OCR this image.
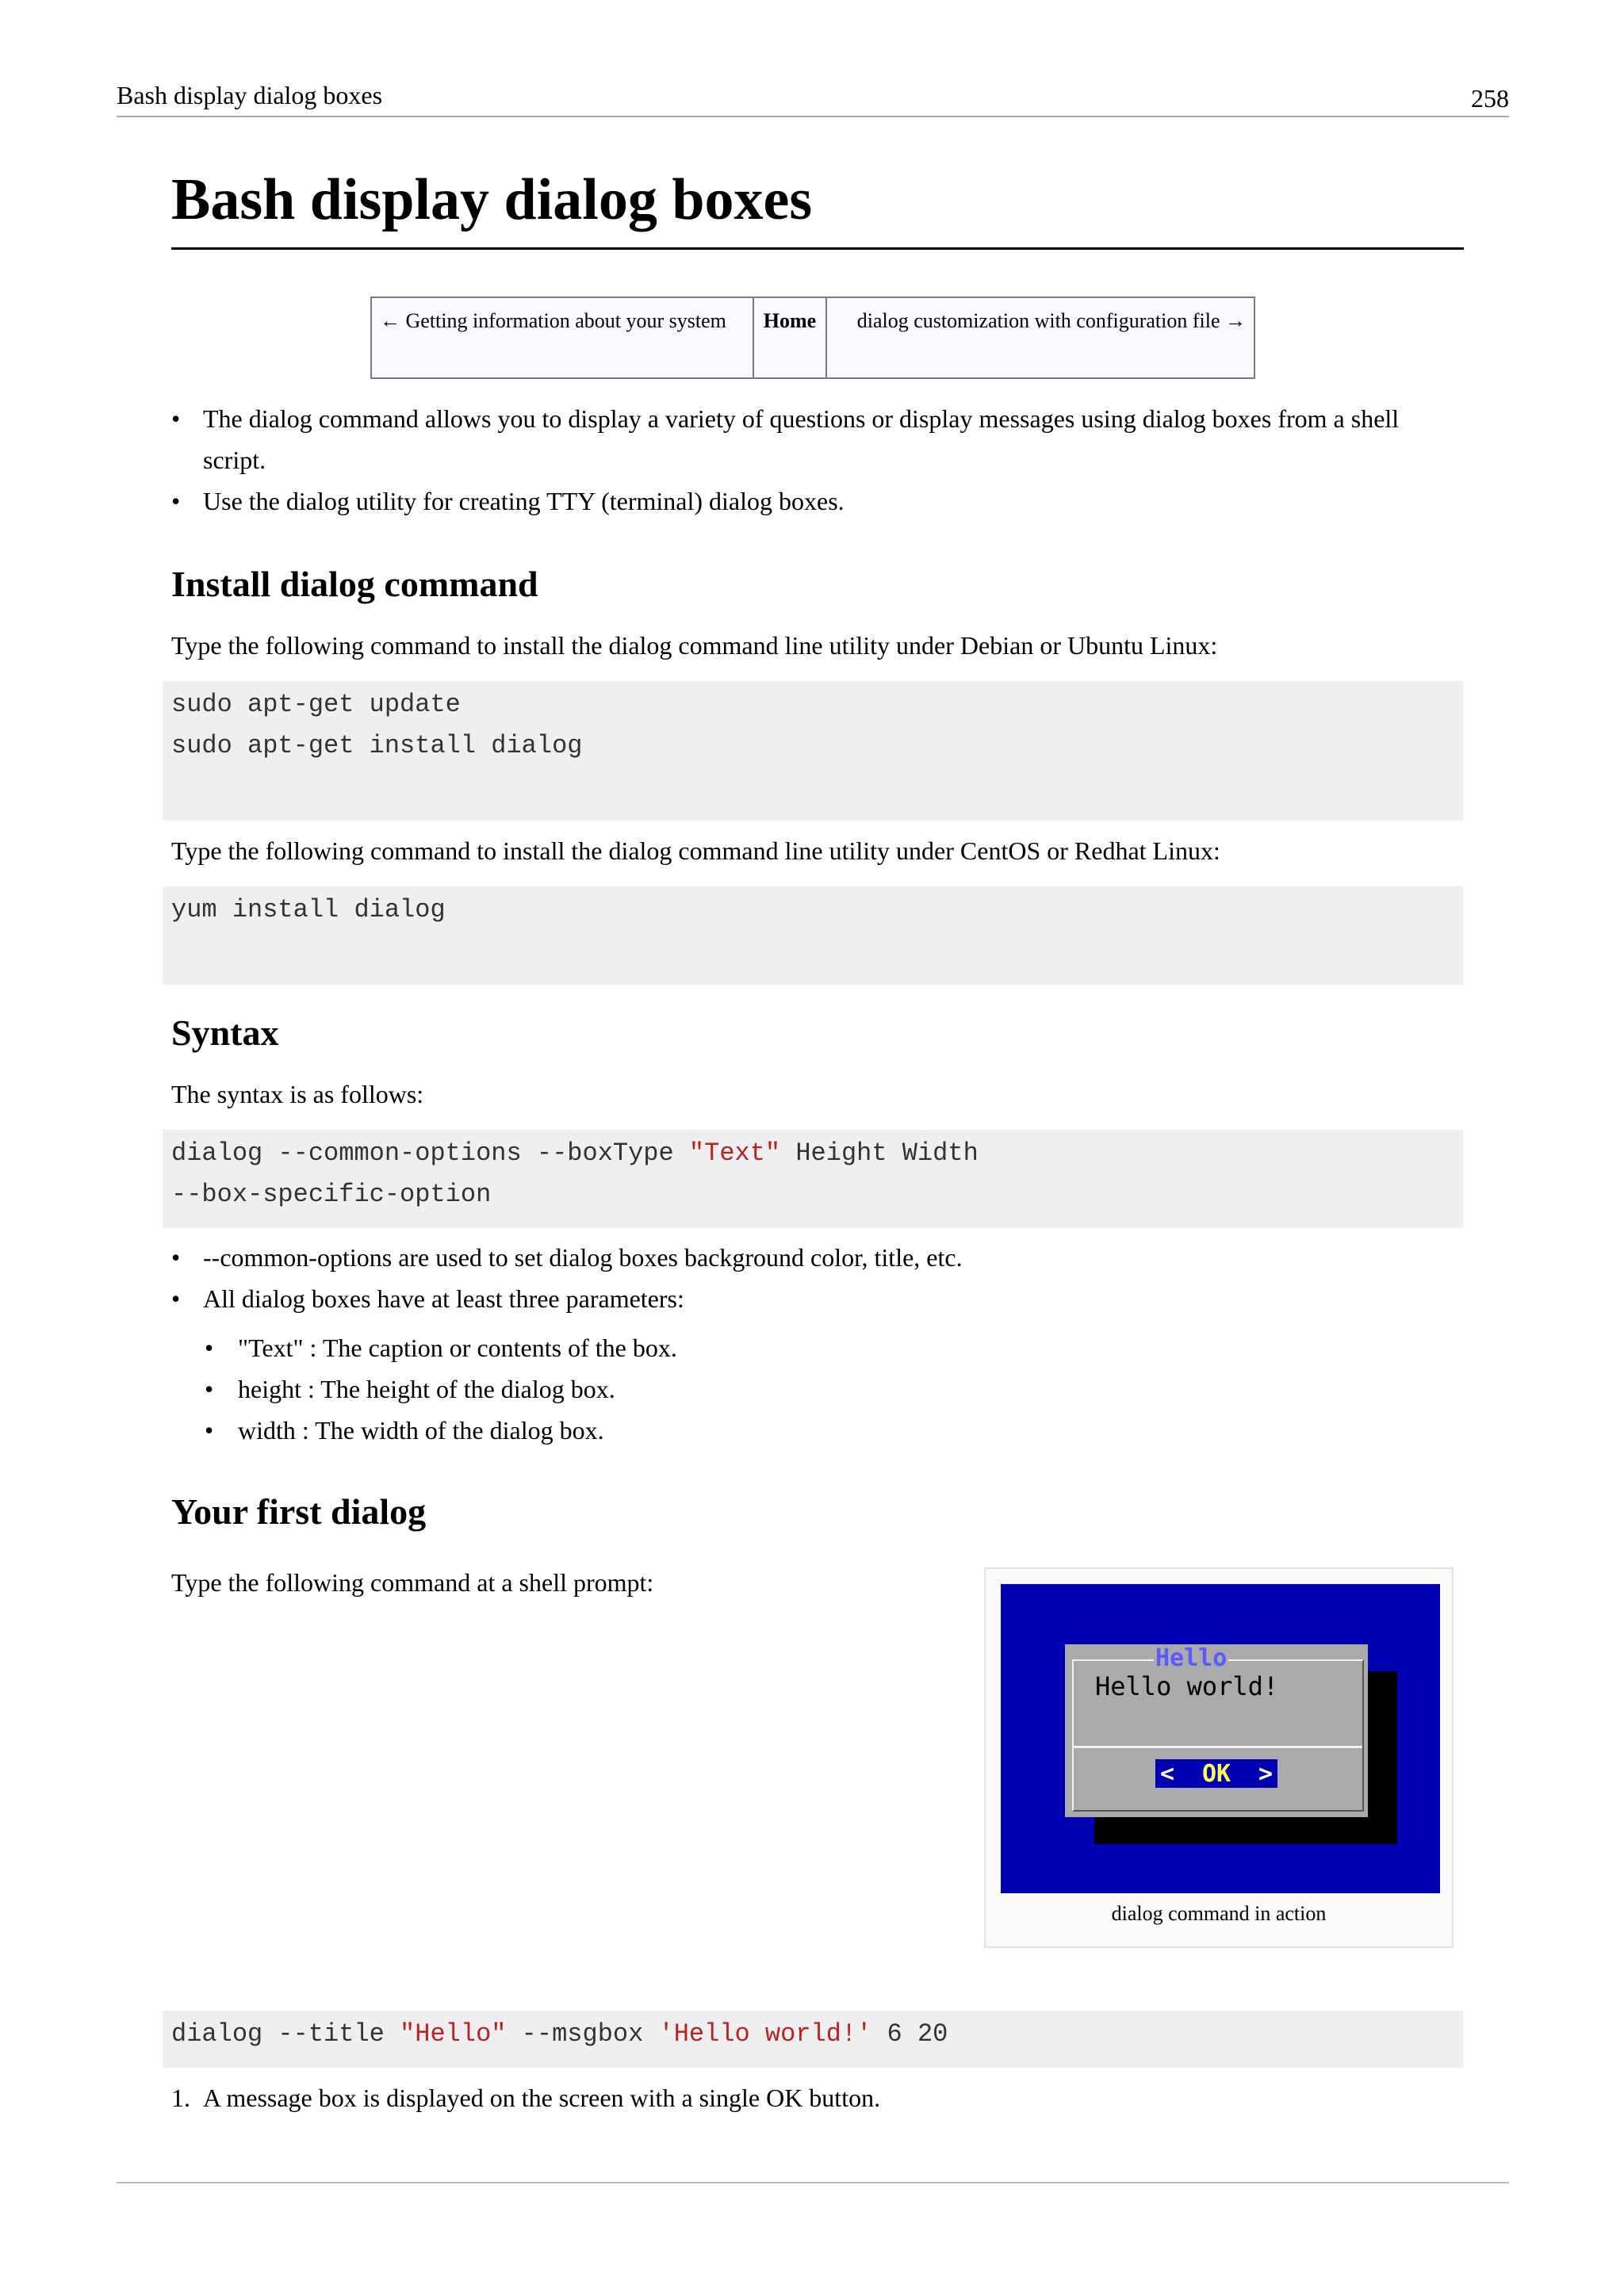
Bash display dialog boxes	258
Bash display dialog boxes
← Getting information about your system	Home	dialog customization with configuration file →
• The dialog command allows you to display a variety of questions or display messages using dialog boxes from a shell script.
• Use the dialog utility for creating TTY (terminal) dialog boxes.
Install dialog command

Type the following command to install the dialog command line utility under Debian or Ubuntu Linux:

sudo apt-get update
sudo apt-get install dialog

Type the following command to install the dialog command line utility under CentOS or Redhat Linux:

yum install dialog
Syntax

The syntax is as follows:

dialog --common-options --boxType "Text" Height Width
--box-specific-option
• --common-options are used to set dialog boxes background color, title, etc.
• All dialog boxes have at least three parameters:
• "Text" : The caption or contents of the box.
• height : The height of the dialog box.
• width : The width of the dialog box.
Your first dialog

Type the following command at a shell prompt:

Hello
Hello world!
< OK >
dialog command in action
dialog --title "Hello" --msgbox 'Hello world!' 6 20
1. A message box is displayed on the screen with a single OK button.
